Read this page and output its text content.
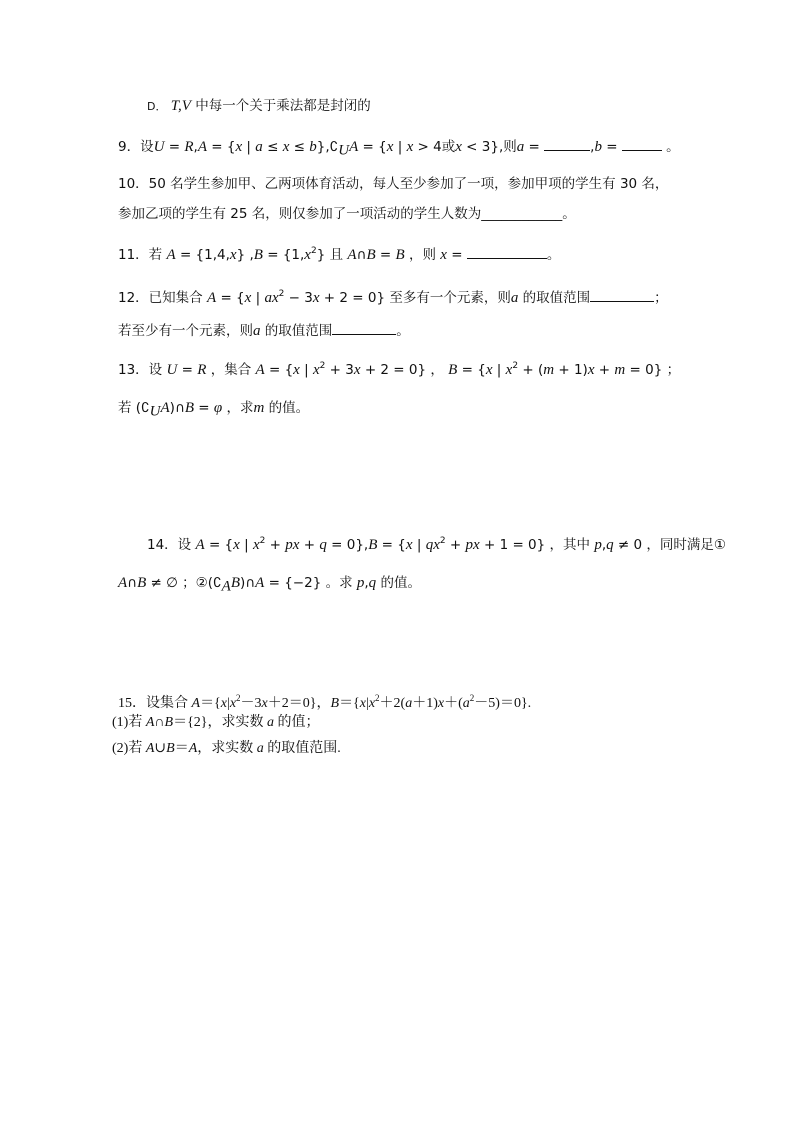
D． T,V 中每一个关于乘法都是封闭的
9．设U = R,A = {x | $a \le x \le b\},∁_UA = \{x$ | x > 4或x < 3},则a =	,b =	。
10．50 名学生参加甲、乙两项体育活动，每人至少参加了一项，参加甲项的学生有 30 名，
参加乙项的学生有 25 名，则仅参加了一项活动的学生人数为____________。
11．若 A = {1,4,x} $,B = \{1,x^2\}$ 且 A∩B = B ，则 x =	。
12．已知集合 A = {x | $ax^2 - 3x + 2 = 0$} 至多有一个元素，则a 的取值范围	；
若至少有一个元素，则a 的取值范围	。
13．设 U = R ，集合 A = {x | $x^2 + 3x + 2 = 0$} ， B = {x | $x^2 + (m + 1)x + m = 0$} ；
若 $(∁_UA)\cap B = \varphi$ ，求m 的值。
14．设 A = {x | $x^2$ + px + q = 0},B = {x | $qx^2$ + px + 1 = 0} ，其中 p,q ≠ 0 ，同时满足①
A∩B ≠ ∅ ；$②(∁_AB)\cap A = \{-2\}$ 。求 p,q 的值。
15．设集合 $A=\{x|x^2-3x+2=0\}$，$B=\{x|x^2+2(a+1)x+(a^2-5)=0\}$.
(1)若 A∩B＝{2}，求实数 a 的值；
(2)若 A∪B＝A，求实数 a 的取值范围.
